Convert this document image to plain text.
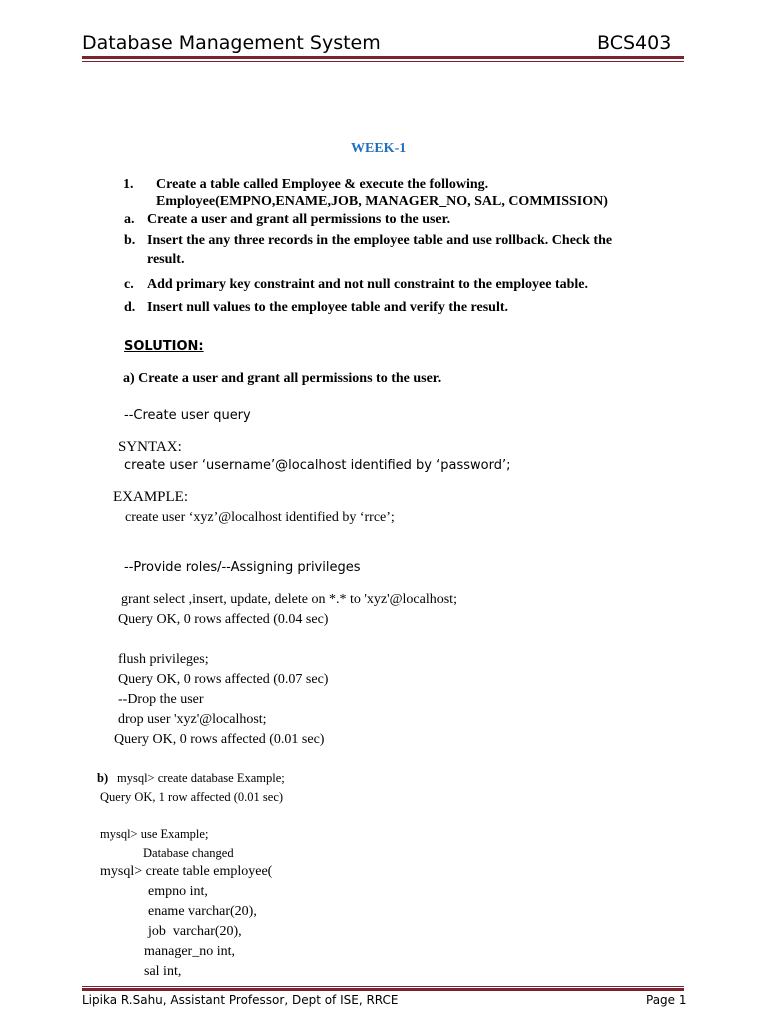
Database Management System	BCS403
WEEK-1
1. Create a table called Employee & execute the following.
Employee(EMPNO,ENAME,JOB, MANAGER_NO, SAL, COMMISSION)
a. Create a user and grant all permissions to the user.
b. Insert the any three records in the employee table and use rollback. Check the
result.
c. Add primary key constraint and not null constraint to the employee table.
d. Insert null values to the employee table and verify the result.
SOLUTION:
a) Create a user and grant all permissions to the user.
--Create user query
SYNTAX:
create user ‘username’@localhost identified by ‘password’;
EXAMPLE:
create user ‘xyz’@localhost identified by ‘rrce’;
--Provide roles/--Assigning privileges
grant select ,insert, update, delete on *.* to 'xyz'@localhost;
Query OK, 0 rows affected (0.04 sec)
flush privileges;
Query OK, 0 rows affected (0.07 sec)
--Drop the user
drop user 'xyz'@localhost;
Query OK, 0 rows affected (0.01 sec)
b) mysql> create database Example;
Query OK, 1 row affected (0.01 sec)
mysql> use Example;
Database changed
mysql> create table employee(
empno int,
ename varchar(20),
job  varchar(20),
manager_no int,
sal int,
Lipika R.Sahu, Assistant Professor, Dept of ISE, RRCE	Page 1
